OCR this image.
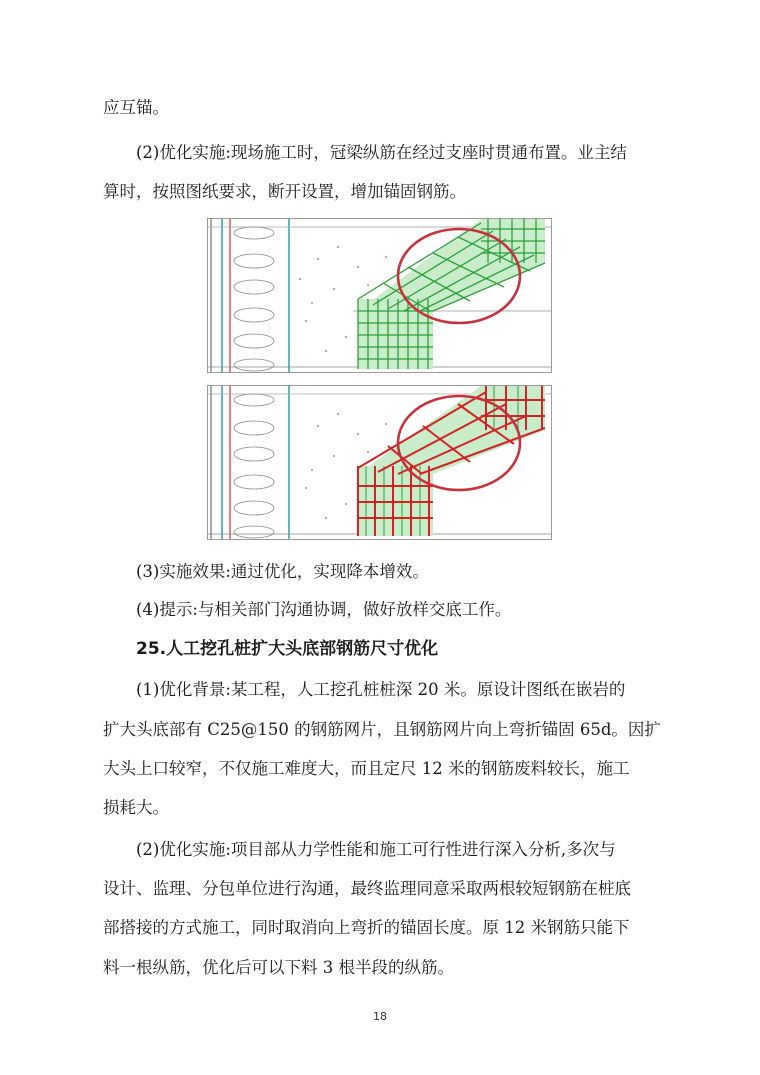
应互锚。

(2)优化实施:现场施工时，冠梁纵筋在经过支座时贯通布置。业主结

算时，按照图纸要求，断开设置，增加锚固钢筋。

(3)实施效果:通过优化，实现降本增效。

(4)提示:与相关部门沟通协调，做好放样交底工作。

25.人工挖孔桩扩大头底部钢筋尺寸优化

(1)优化背景:某工程，人工挖孔桩桩深 20 米。原设计图纸在嵌岩的

扩大头底部有 C25@150 的钢筋网片，且钢筋网片向上弯折锚固 65d。因扩

大头上口较窄，不仅施工难度大，而且定尺 12 米的钢筋废料较长，施工

损耗大。

(2)优化实施:项目部从力学性能和施工可行性进行深入分析,多次与

设计、监理、分包单位进行沟通，最终监理同意采取两根较短钢筋在桩底

部搭接的方式施工，同时取消向上弯折的锚固长度。原 12 米钢筋只能下

料一根纵筋，优化后可以下料 3 根半段的纵筋。

18
